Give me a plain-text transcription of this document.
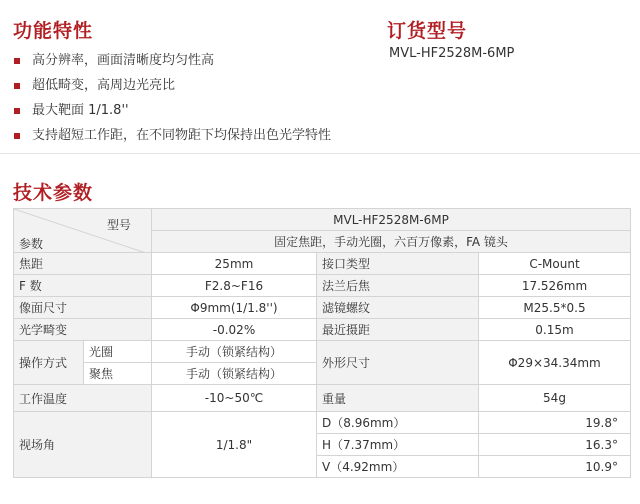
功能特性
高分辨率，画面清晰度均匀性高
超低畸变，高周边光亮比
最大靶面 1/1.8''
支持超短工作距，在不同物距下均保持出色光学特性
订货型号
MVL-HF2528M-6MP
技术参数
型号
参数		MVL-HF2528M-6MP		
		固定焦距，手动光圈，六百万像素，FA 镜头		
焦距		25mm	接口类型	C-Mount
F 数		F2.8~F16	法兰后焦	17.526mm
像面尺寸		Φ9mm(1/1.8'')	滤镜螺纹	M25.5*0.5
光学畸变		-0.02%	最近摄距	0.15m
操作方式	光圈	手动（锁紧结构）	外形尺寸	Φ29×34.34mm
	聚焦	手动（锁紧结构）		
工作温度		-10~50℃	重量	54g
视场角		1/1.8"	D（8.96mm）	19.8°
			H（7.37mm）	16.3°
			V（4.92mm）	10.9°
